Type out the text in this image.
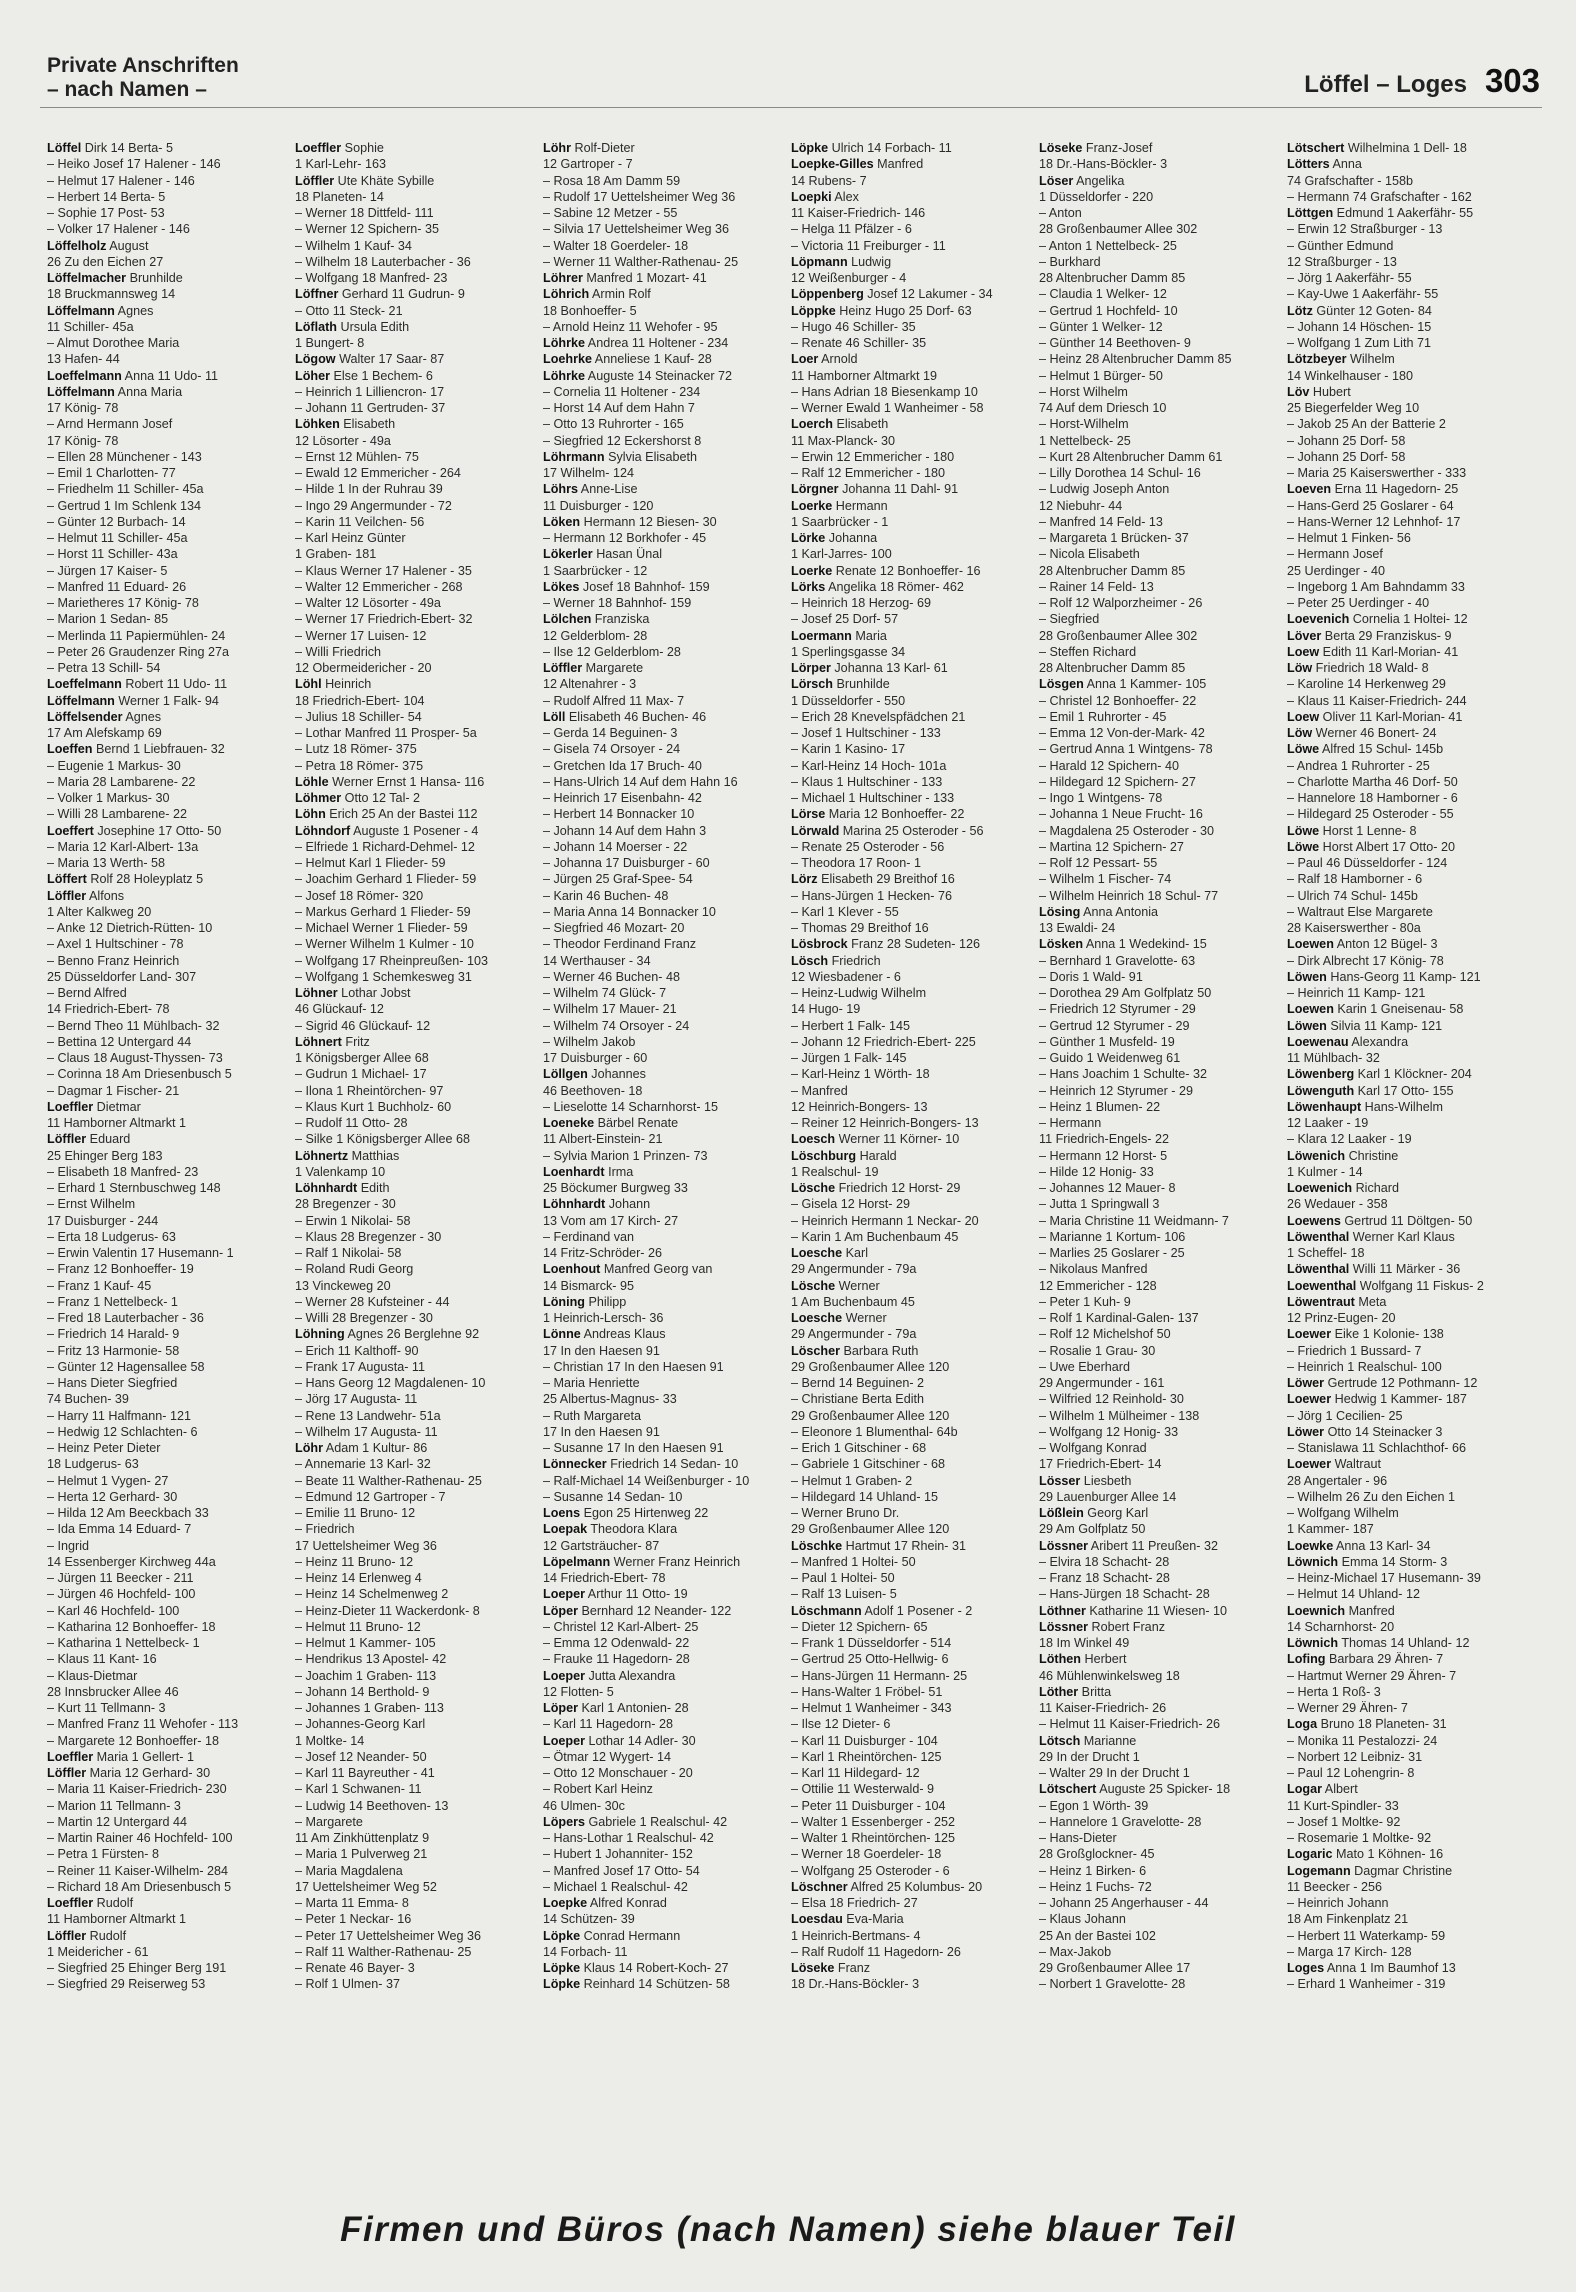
Private Anschriften
– nach Namen –	Löffel – Loges 303
Löffel Dirk 14 Berta- 5
– Heiko Josef 17 Halener - 146
– Helmut 17 Halener - 146
– Herbert 14 Berta- 5
– Sophie 17 Post- 53
– Volker 17 Halener - 146
Löffelholz August
26 Zu den Eichen 27
Löffelmacher Brunhilde
18 Bruckmannsweg 14
Löffelmann Agnes
11 Schiller- 45a
– Almut Dorothee Maria
13 Hafen- 44
Loeffelmann Anna 11 Udo- 11
Löffelmann Anna Maria
17 König- 78
– Arnd Hermann Josef
17 König- 78
– Ellen 28 Münchener - 143
– Emil 1 Charlotten- 77
– Friedhelm 11 Schiller- 45a
– Gertrud 1 Im Schlenk 134
– Günter 12 Burbach- 14
– Helmut 11 Schiller- 45a
– Horst 11 Schiller- 43a
– Jürgen 17 Kaiser- 5
– Manfred 11 Eduard- 26
– Marietheres 17 König- 78
– Marion 1 Sedan- 85
– Merlinda 11 Papiermühlen- 24
– Peter 26 Graudenzer Ring 27a
– Petra 13 Schill- 54
Loeffelmann Robert 11 Udo- 11
Löffelmann Werner 1 Falk- 94
Löffelsender Agnes
17 Am Alefskamp 69
Loeffen Bernd 1 Liebfrauen- 32
– Eugenie 1 Markus- 30
– Maria 28 Lambarene- 22
– Volker 1 Markus- 30
– Willi 28 Lambarene- 22
Loeffert Josephine 17 Otto- 50
– Maria 12 Karl-Albert- 13a
– Maria 13 Werth- 58
Löffert Rolf 28 Holeyplatz 5
Löffler Alfons
1 Alter Kalkweg 20
– Anke 12 Dietrich-Rütten- 10
– Axel 1 Hultschiner - 78
– Benno Franz Heinrich
25 Düsseldorfer Land- 307
– Bernd Alfred
14 Friedrich-Ebert- 78
– Bernd Theo 11 Mühlbach- 32
– Bettina 12 Untergard 44
– Claus 18 August-Thyssen- 73
– Corinna 18 Am Driesenbusch 5
– Dagmar 1 Fischer- 21
Loeffler Dietmar
11 Hamborner Altmarkt 1
Löffler Eduard
25 Ehinger Berg 183
– Elisabeth 18 Manfred- 23
– Erhard 1 Sternbuschweg 148
– Ernst Wilhelm
17 Duisburger - 244
– Erta 18 Ludgerus- 63
– Erwin Valentin 17 Husemann- 1
– Franz 12 Bonhoeffer- 19
– Franz 1 Kauf- 45
– Franz 1 Nettelbeck- 1
– Fred 18 Lauterbacher - 36
– Friedrich 14 Harald- 9
– Fritz 13 Harmonie- 58
– Günter 12 Hagensallee 58
– Hans Dieter Siegfried
74 Buchen- 39
– Harry 11 Halfmann- 121
– Hedwig 12 Schlachten- 6
– Heinz Peter Dieter
18 Ludgerus- 63
– Helmut 1 Vygen- 27
– Herta 12 Gerhard- 30
– Hilda 12 Am Beeckbach 33
– Ida Emma 14 Eduard- 7
– Ingrid
14 Essenberger Kirchweg 44a
– Jürgen 11 Beecker - 211
– Jürgen 46 Hochfeld- 100
– Karl 46 Hochfeld- 100
– Katharina 12 Bonhoeffer- 18
– Katharina 1 Nettelbeck- 1
– Klaus 11 Kant- 16
– Klaus-Dietmar
28 Innsbrucker Allee 46
– Kurt 11 Tellmann- 3
– Manfred Franz 11 Wehofer - 113
– Margarete 12 Bonhoeffer- 18
Loeffler Maria 1 Gellert- 1
Löffler Maria 12 Gerhard- 30
– Maria 11 Kaiser-Friedrich- 230
– Marion 11 Tellmann- 3
– Martin 12 Untergard 44
– Martin Rainer 46 Hochfeld- 100
– Petra 1 Fürsten- 8
– Reiner 11 Kaiser-Wilhelm- 284
– Richard 18 Am Driesenbusch 5
Loeffler Rudolf
11 Hamborner Altmarkt 1
Löffler Rudolf
1 Meidericher - 61
– Siegfried 25 Ehinger Berg 191
– Siegfried 29 Reiserweg 53
Loeffler Sophie
1 Karl-Lehr- 163
Löffler Ute Khäte Sybille
18 Planeten- 14
– Werner 18 Dittfeld- 111
– Werner 12 Spichern- 35
– Wilhelm 1 Kauf- 34
– Wilhelm 18 Lauterbacher - 36
– Wolfgang 18 Manfred- 23
Löffner Gerhard 11 Gudrun- 9
– Otto 11 Steck- 21
Löflath Ursula Edith
1 Bungert- 8
Lögow Walter 17 Saar- 87
Löher Else 1 Bechem- 6
– Heinrich 1 Lilliencron- 17
– Johann 11 Gertruden- 37
Löhken Elisabeth
12 Lösorter - 49a
– Ernst 12 Mühlen- 75
– Ewald 12 Emmericher - 264
– Hilde 1 In der Ruhrau 39
– Ingo 29 Angermunder - 72
– Karin 11 Veilchen- 56
– Karl Heinz Günter
1 Graben- 181
– Klaus Werner 17 Halener - 35
– Walter 12 Emmericher - 268
– Walter 12 Lösorter - 49a
– Werner 17 Friedrich-Ebert- 32
– Werner 17 Luisen- 12
– Willi Friedrich
12 Obermeidericher - 20
Löhl Heinrich
18 Friedrich-Ebert- 104
– Julius 18 Schiller- 54
– Lothar Manfred 11 Prosper- 5a
– Lutz 18 Römer- 375
– Petra 18 Römer- 375
Löhle Werner Ernst 1 Hansa- 116
Löhmer Otto 12 Tal- 2
Löhn Erich 25 An der Bastei 112
Löhndorf Auguste 1 Posener - 4
– Elfriede 1 Richard-Dehmel- 12
– Helmut Karl 1 Flieder- 59
– Joachim Gerhard 1 Flieder- 59
– Josef 18 Römer- 320
– Markus Gerhard 1 Flieder- 59
– Michael Werner 1 Flieder- 59
– Werner Wilhelm 1 Kulmer - 10
– Wolfgang 17 Rheinpreußen- 103
– Wolfgang 1 Schemkesweg 31
Löhner Lothar Jobst
46 Glückauf- 12
– Sigrid 46 Glückauf- 12
Löhnert Fritz
1 Königsberger Allee 68
– Gudrun 1 Michael- 17
– Ilona 1 Rheintörchen- 97
– Klaus Kurt 1 Buchholz- 60
– Rudolf 11 Otto- 28
– Silke 1 Königsberger Allee 68
Löhnertz Matthias
1 Valenkamp 10
Löhnhardt Edith
28 Bregenzer - 30
– Erwin 1 Nikolai- 58
– Klaus 28 Bregenzer - 30
– Ralf 1 Nikolai- 58
– Roland Rudi Georg
13 Vinckeweg 20
– Werner 28 Kufsteiner - 44
– Willi 28 Bregenzer - 30
Löhning Agnes 26 Berglehne 92
– Erich 11 Kalthoff- 90
– Frank 17 Augusta- 11
– Hans Georg 12 Magdalenen- 10
– Jörg 17 Augusta- 11
– Rene 13 Landwehr- 51a
– Wilhelm 17 Augusta- 11
Löhr Adam 1 Kultur- 86
– Annemarie 13 Karl- 32
– Beate 11 Walther-Rathenau- 25
– Edmund 12 Gartroper - 7
– Emilie 11 Bruno- 12
– Friedrich
17 Uettelsheimer Weg 36
– Heinz 11 Bruno- 12
– Heinz 14 Erlenweg 4
– Heinz 14 Schelmenweg 2
– Heinz-Dieter 11 Wackerdonk- 8
– Helmut 11 Bruno- 12
– Helmut 1 Kammer- 105
– Hendrikus 13 Apostel- 42
– Joachim 1 Graben- 113
– Johann 14 Berthold- 9
– Johannes 1 Graben- 113
– Johannes-Georg Karl
1 Moltke- 14
– Josef 12 Neander- 50
– Karl 11 Bayreuther - 41
– Karl 1 Schwanen- 11
– Ludwig 14 Beethoven- 13
– Margarete
11 Am Zinkhüttenplatz 9
– Maria 1 Pulverweg 21
– Maria Magdalena
17 Uettelsheimer Weg 52
– Marta 11 Emma- 8
– Peter 1 Neckar- 16
– Peter 17 Uettelsheimer Weg 36
– Ralf 11 Walther-Rathenau- 25
– Renate 46 Bayer- 3
– Rolf 1 Ulmen- 37
Löhr Rolf-Dieter
12 Gartroper - 7
– Rosa 18 Am Damm 59
– Rudolf 17 Uettelsheimer Weg 36
– Sabine 12 Metzer - 55
– Silvia 17 Uettelsheimer Weg 36
– Walter 18 Goerdeler- 18
– Werner 11 Walther-Rathenau- 25
Löhrer Manfred 1 Mozart- 41
Löhrich Armin Rolf
18 Bonhoeffer- 5
– Arnold Heinz 11 Wehofer - 95
Löhrke Andrea 11 Holtener - 234
Loehrke Anneliese 1 Kauf- 28
Löhrke Auguste 14 Steinacker 72
– Cornelia 11 Holtener - 234
– Horst 14 Auf dem Hahn 7
– Otto 13 Ruhrorter - 165
– Siegfried 12 Eckershorst 8
Löhrmann Sylvia Elisabeth
17 Wilhelm- 124
Löhrs Anne-Lise
11 Duisburger - 120
Löken Hermann 12 Biesen- 30
– Hermann 12 Borkhofer - 45
Lökerler Hasan Ünal
1 Saarbrücker - 12
Lökes Josef 18 Bahnhof- 159
– Werner 18 Bahnhof- 159
Lölchen Franziska
12 Gelderblom- 28
– Ilse 12 Gelderblom- 28
Löffler Margarete
12 Altenahrer - 3
– Rudolf Alfred 11 Max- 7
Löll Elisabeth 46 Buchen- 46
– Gerda 14 Beguinen- 3
– Gisela 74 Orsoyer - 24
– Gretchen Ida 17 Bruch- 40
– Hans-Ulrich 14 Auf dem Hahn 16
– Heinrich 17 Eisenbahn- 42
– Herbert 14 Bonnacker 10
– Johann 14 Auf dem Hahn 3
– Johann 14 Moerser - 22
– Johanna 17 Duisburger - 60
– Jürgen 25 Graf-Spee- 54
– Karin 46 Buchen- 48
– Maria Anna 14 Bonnacker 10
– Siegfried 46 Mozart- 20
– Theodor Ferdinand Franz
14 Werthauser - 34
– Werner 46 Buchen- 48
– Wilhelm 74 Glück- 7
– Wilhelm 17 Mauer- 21
– Wilhelm 74 Orsoyer - 24
– Wilhelm Jakob
17 Duisburger - 60
Löllgen Johannes
46 Beethoven- 18
– Lieselotte 14 Scharnhorst- 15
Loeneke Bärbel Renate
11 Albert-Einstein- 21
– Sylvia Marion 1 Prinzen- 73
Loenhardt Irma
25 Böckumer Burgweg 33
Löhnhardt Johann
13 Vom am 17 Kirch- 27
– Ferdinand van
14 Fritz-Schröder- 26
Loenhout Manfred Georg van
14 Bismarck- 95
Löning Philipp
1 Heinrich-Lersch- 36
Lönne Andreas Klaus
17 In den Haesen 91
– Christian 17 In den Haesen 91
– Maria Henriette
25 Albertus-Magnus- 33
– Ruth Margareta
17 In den Haesen 91
– Susanne 17 In den Haesen 91
Lönnecker Friedrich 14 Sedan- 10
– Ralf-Michael 14 Weißenburger - 10
– Susanne 14 Sedan- 10
Loens Egon 25 Hirtenweg 22
Loepak Theodora Klara
12 Gartsträucher- 87
Löpelmann Werner Franz Heinrich
14 Friedrich-Ebert- 78
Loeper Arthur 11 Otto- 19
Löper Bernhard 12 Neander- 122
– Christel 12 Karl-Albert- 25
– Emma 12 Odenwald- 22
– Frauke 11 Hagedorn- 28
Loeper Jutta Alexandra
12 Flotten- 5
Löper Karl 1 Antonien- 28
– Karl 11 Hagedorn- 28
Loeper Lothar 14 Adler- 30
– Ötmar 12 Wygert- 14
– Otto 12 Monschauer - 20
– Robert Karl Heinz
46 Ulmen- 30c
Löpers Gabriele 1 Realschul- 42
– Hans-Lothar 1 Realschul- 42
– Hubert 1 Johanniter- 152
– Manfred Josef 17 Otto- 54
– Michael 1 Realschul- 42
Loepke Alfred Konrad
14 Schützen- 39
Löpke Conrad Hermann
14 Forbach- 11
Löpke Klaus 14 Robert-Koch- 27
Löpke Reinhard 14 Schützen- 58
Löpke Ulrich 14 Forbach- 11
Loepke-Gilles Manfred
14 Rubens- 7
Loepki Alex
11 Kaiser-Friedrich- 146
– Helga 11 Pfälzer - 6
– Victoria 11 Freiburger - 11
Löpmann Ludwig
12 Weißenburger - 4
Löppenberg Josef 12 Lakumer - 34
Löppke Heinz Hugo 25 Dorf- 63
– Hugo 46 Schiller- 35
– Renate 46 Schiller- 35
Loer Arnold
11 Hamborner Altmarkt 19
– Hans Adrian 18 Biesenkamp 10
– Werner Ewald 1 Wanheimer - 58
Loerch Elisabeth
11 Max-Planck- 30
– Erwin 12 Emmericher - 180
– Ralf 12 Emmericher - 180
Lörgner Johanna 11 Dahl- 91
Loerke Hermann
1 Saarbrücker - 1
Lörke Johanna
1 Karl-Jarres- 100
Loerke Renate 12 Bonhoeffer- 16
Lörks Angelika 18 Römer- 462
– Heinrich 18 Herzog- 69
– Josef 25 Dorf- 57
Loermann Maria
1 Sperlingsgasse 34
Lörper Johanna 13 Karl- 61
Lörsch Brunhilde
1 Düsseldorfer - 550
– Erich 28 Knevelspfädchen 21
– Josef 1 Hultschiner - 133
– Karin 1 Kasino- 17
– Karl-Heinz 14 Hoch- 101a
– Klaus 1 Hultschiner - 133
– Michael 1 Hultschiner - 133
Lörse Maria 12 Bonhoeffer- 22
Lörwald Marina 25 Osteroder - 56
– Renate 25 Osteroder - 56
– Theodora 17 Roon- 1
Lörz Elisabeth 29 Breithof 16
– Hans-Jürgen 1 Hecken- 76
– Karl 1 Klever - 55
– Thomas 29 Breithof 16
Lösbrock Franz 28 Sudeten- 126
Lösch Friedrich
12 Wiesbadener - 6
– Heinz-Ludwig Wilhelm
14 Hugo- 19
– Herbert 1 Falk- 145
– Johann 12 Friedrich-Ebert- 225
– Jürgen 1 Falk- 145
– Karl-Heinz 1 Wörth- 18
– Manfred
12 Heinrich-Bongers- 13
– Reiner 12 Heinrich-Bongers- 13
Loesch Werner 11 Körner- 10
Löschburg Harald
1 Realschul- 19
Lösche Friedrich 12 Horst- 29
– Gisela 12 Horst- 29
– Heinrich Hermann 1 Neckar- 20
– Karin 1 Am Buchenbaum 45
Loesche Karl
29 Angermunder - 79a
Lösche Werner
1 Am Buchenbaum 45
Loesche Werner
29 Angermunder - 79a
Löscher Barbara Ruth
29 Großenbaumer Allee 120
– Bernd 14 Beguinen- 2
– Christiane Berta Edith
29 Großenbaumer Allee 120
– Eleonore 1 Blumenthal- 64b
– Erich 1 Gitschiner - 68
– Gabriele 1 Gitschiner - 68
– Helmut 1 Graben- 2
– Hildegard 14 Uhland- 15
– Werner Bruno Dr.
29 Großenbaumer Allee 120
Löschke Hartmut 17 Rhein- 31
– Manfred 1 Holtei- 50
– Paul 1 Holtei- 50
– Ralf 13 Luisen- 5
Löschmann Adolf 1 Posener - 2
– Dieter 12 Spichern- 65
– Frank 1 Düsseldorfer - 514
– Gertrud 25 Otto-Hellwig- 6
– Hans-Jürgen 11 Hermann- 25
– Hans-Walter 1 Fröbel- 51
– Helmut 1 Wanheimer - 343
– Ilse 12 Dieter- 6
– Karl 11 Duisburger - 104
– Karl 1 Rheintörchen- 125
– Karl 11 Hildegard- 12
– Ottilie 11 Westerwald- 9
– Peter 11 Duisburger - 104
– Walter 1 Essenberger - 252
– Walter 1 Rheintörchen- 125
– Werner 18 Goerdeler- 18
– Wolfgang 25 Osteroder - 6
Löschner Alfred 25 Kolumbus- 20
– Elsa 18 Friedrich- 27
Loesdau Eva-Maria
1 Heinrich-Bertmans- 4
– Ralf Rudolf 11 Hagedorn- 26
Löseke Franz
18 Dr.-Hans-Böckler- 3
Löseke Franz-Josef
18 Dr.-Hans-Böckler- 3
Löser Angelika
1 Düsseldorfer - 220
– Anton
28 Großenbaumer Allee 302
– Anton 1 Nettelbeck- 25
– Burkhard
28 Altenbrucher Damm 85
– Claudia 1 Welker- 12
– Gertrud 1 Hochfeld- 10
– Günter 1 Welker- 12
– Günther 14 Beethoven- 9
– Heinz 28 Altenbrucher Damm 85
– Helmut 1 Bürger- 50
– Horst Wilhelm
74 Auf dem Driesch 10
– Horst-Wilhelm
1 Nettelbeck- 25
– Kurt 28 Altenbrucher Damm 61
– Lilly Dorothea 14 Schul- 16
– Ludwig Joseph Anton
12 Niebuhr- 44
– Manfred 14 Feld- 13
– Margareta 1 Brücken- 37
– Nicola Elisabeth
28 Altenbrucher Damm 85
– Rainer 14 Feld- 13
– Rolf 12 Walporzheimer - 26
– Siegfried
28 Großenbaumer Allee 302
– Steffen Richard
28 Altenbrucher Damm 85
Lösgen Anna 1 Kammer- 105
– Christel 12 Bonhoeffer- 22
– Emil 1 Ruhrorter - 45
– Emma 12 Von-der-Mark- 42
– Gertrud Anna 1 Wintgens- 78
– Harald 12 Spichern- 40
– Hildegard 12 Spichern- 27
– Ingo 1 Wintgens- 78
– Johanna 1 Neue Frucht- 16
– Magdalena 25 Osteroder - 30
– Martina 12 Spichern- 27
– Rolf 12 Pessart- 55
– Wilhelm 1 Fischer- 74
– Wilhelm Heinrich 18 Schul- 77
Lösing Anna Antonia
13 Ewaldi- 24
Lösken Anna 1 Wedekind- 15
– Bernhard 1 Gravelotte- 63
– Doris 1 Wald- 91
– Dorothea 29 Am Golfplatz 50
– Friedrich 12 Styrumer - 29
– Gertrud 12 Styrumer - 29
– Günther 1 Musfeld- 19
– Guido 1 Weidenweg 61
– Hans Joachim 1 Schulte- 32
– Heinrich 12 Styrumer - 29
– Heinz 1 Blumen- 22
– Hermann
11 Friedrich-Engels- 22
– Hermann 12 Horst- 5
– Hilde 12 Honig- 33
– Johannes 12 Mauer- 8
– Jutta 1 Springwall 3
– Maria Christine 11 Weidmann- 7
– Marianne 1 Kortum- 106
– Marlies 25 Goslarer - 25
– Nikolaus Manfred
12 Emmericher - 128
– Peter 1 Kuh- 9
– Rolf 1 Kardinal-Galen- 137
– Rolf 12 Michelshof 50
– Rosalie 1 Grau- 30
– Uwe Eberhard
29 Angermunder - 161
– Wilfried 12 Reinhold- 30
– Wilhelm 1 Mülheimer - 138
– Wolfgang 12 Honig- 33
– Wolfgang Konrad
17 Friedrich-Ebert- 14
Lösser Liesbeth
29 Lauenburger Allee 14
Lößlein Georg Karl
29 Am Golfplatz 50
Lössner Aribert 11 Preußen- 32
– Elvira 18 Schacht- 28
– Franz 18 Schacht- 28
– Hans-Jürgen 18 Schacht- 28
Löthner Katharine 11 Wiesen- 10
Lössner Robert Franz
18 Im Winkel 49
Löthen Herbert
46 Mühlenwinkelsweg 18
Löther Britta
11 Kaiser-Friedrich- 26
– Helmut 11 Kaiser-Friedrich- 26
Lötsch Marianne
29 In der Drucht 1
– Walter 29 In der Drucht 1
Lötschert Auguste 25 Spicker- 18
– Egon 1 Wörth- 39
– Hannelore 1 Gravelotte- 28
– Hans-Dieter
28 Großglockner- 45
– Heinz 1 Birken- 6
– Heinz 1 Fuchs- 72
– Johann 25 Angerhauser - 44
– Klaus Johann
25 An der Bastei 102
– Max-Jakob
29 Großenbaumer Allee 17
– Norbert 1 Gravelotte- 28
Lötschert Wilhelmina 1 Dell- 18
Lötters Anna
74 Grafschafter - 158b
– Hermann 74 Grafschafter - 162
Löttgen Edmund 1 Aakerfähr- 55
– Erwin 12 Straßburger - 13
– Günther Edmund
12 Straßburger - 13
– Jörg 1 Aakerfähr- 55
– Kay-Uwe 1 Aakerfähr- 55
Lötz Günter 12 Goten- 84
– Johann 14 Höschen- 15
– Wolfgang 1 Zum Lith 71
Lötzbeyer Wilhelm
14 Winkelhauser - 180
Löv Hubert
25 Biegerfelder Weg 10
– Jakob 25 An der Batterie 2
– Johann 25 Dorf- 58
– Johann 25 Dorf- 58
– Maria 25 Kaiserswerther - 333
Loeven Erna 11 Hagedorn- 25
– Hans-Gerd 25 Goslarer - 64
– Hans-Werner 12 Lehnhof- 17
– Helmut 1 Finken- 56
– Hermann Josef
25 Uerdinger - 40
– Ingeborg 1 Am Bahndamm 33
– Peter 25 Uerdinger - 40
Loevenich Cornelia 1 Holtei- 12
Löver Berta 29 Franziskus- 9
Loew Edith 11 Karl-Morian- 41
Löw Friedrich 18 Wald- 8
– Karoline 14 Herkenweg 29
– Klaus 11 Kaiser-Friedrich- 244
Loew Oliver 11 Karl-Morian- 41
Löw Werner 46 Bonert- 24
Löwe Alfred 15 Schul- 145b
– Andrea 1 Ruhrorter - 25
– Charlotte Martha 46 Dorf- 50
– Hannelore 18 Hamborner - 6
– Hildegard 25 Osteroder - 55
Löwe Horst 1 Lenne- 8
Löwe Horst Albert 17 Otto- 20
– Paul 46 Düsseldorfer - 124
– Ralf 18 Hamborner - 6
– Ulrich 74 Schul- 145b
– Waltraut Else Margarete
28 Kaiserswerther - 80a
Loewen Anton 12 Bügel- 3
– Dirk Albrecht 17 König- 78
Löwen Hans-Georg 11 Kamp- 121
– Heinrich 11 Kamp- 121
Loewen Karin 1 Gneisenau- 58
Löwen Silvia 11 Kamp- 121
Loewenau Alexandra
11 Mühlbach- 32
Löwenberg Karl 1 Klöckner- 204
Löwenguth Karl 17 Otto- 155
Löwenhaupt Hans-Wilhelm
12 Laaker - 19
– Klara 12 Laaker - 19
Löwenich Christine
1 Kulmer - 14
Loewenich Richard
26 Wedauer - 358
Loewens Gertrud 11 Döltgen- 50
Löwenthal Werner Karl Klaus
1 Scheffel- 18
Löwenthal Willi 11 Märker - 36
Loewenthal Wolfgang 11 Fiskus- 2
Löwentraut Meta
12 Prinz-Eugen- 20
Loewer Eike 1 Kolonie- 138
– Friedrich 1 Bussard- 7
– Heinrich 1 Realschul- 100
Löwer Gertrude 12 Pothmann- 12
Loewer Hedwig 1 Kammer- 187
– Jörg 1 Cecilien- 25
Löwer Otto 14 Steinacker 3
– Stanislawa 11 Schlachthof- 66
Loewer Waltraut
28 Angertaler - 96
– Wilhelm 26 Zu den Eichen 1
– Wolfgang Wilhelm
1 Kammer- 187
Loewke Anna 13 Karl- 34
Löwnich Emma 14 Storm- 3
– Heinz-Michael 17 Husemann- 39
– Helmut 14 Uhland- 12
Loewnich Manfred
14 Scharnhorst- 20
Löwnich Thomas 14 Uhland- 12
Lofing Barbara 29 Ähren- 7
– Hartmut Werner 29 Ähren- 7
– Herta 1 Roß- 3
– Werner 29 Ähren- 7
Loga Bruno 18 Planeten- 31
– Monika 11 Pestalozzi- 24
– Norbert 12 Leibniz- 31
– Paul 12 Lohengrin- 8
Logar Albert
11 Kurt-Spindler- 33
– Josef 1 Moltke- 92
– Rosemarie 1 Moltke- 92
Logaric Mato 1 Köhnen- 16
Logemann Dagmar Christine
11 Beecker - 256
– Heinrich Johann
18 Am Finkenplatz 21
– Herbert 11 Waterkamp- 59
– Marga 17 Kirch- 128
Loges Anna 1 Im Baumhof 13
– Erhard 1 Wanheimer - 319
Firmen und Büros (nach Namen) siehe blauer Teil
